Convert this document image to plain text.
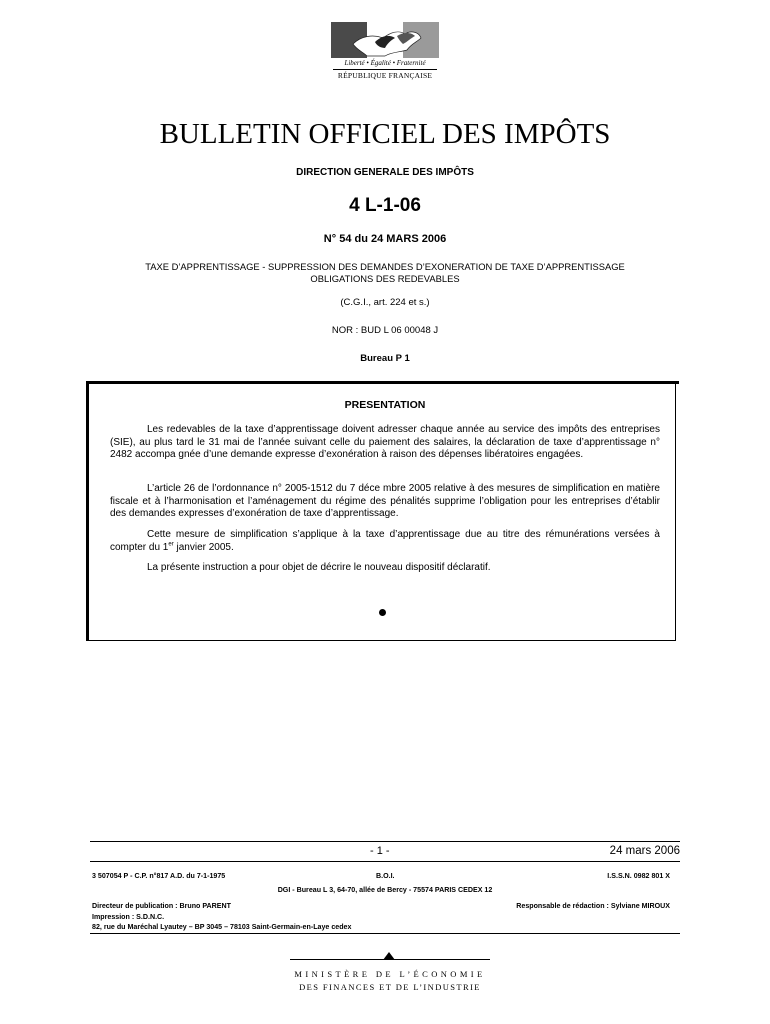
Liberté • Égalité • Fraternité
RÉPUBLIQUE FRANÇAISE
BULLETIN OFFICIEL DES IMPÔTS
DIRECTION GENERALE DES IMPÔTS
4 L-1-06
N° 54 du 24 MARS 2006
TAXE D’APPRENTISSAGE - SUPPRESSION DES DEMANDES D’EXONERATION DE TAXE D’APPRENTISSAGE
OBLIGATIONS DES REDEVABLES
(C.G.I., art. 224 et s.)
NOR : BUD L 06 00048 J
Bureau P 1
PRESENTATION
Les redevables de la taxe d’apprentissage doivent adresser chaque année au service des impôts des entreprises (SIE), au plus tard le 31 mai de l’année suivant celle du paiement des salaires, la déclaration de taxe d’apprentissage n° 2482 accompa gnée d’une demande expresse d’exonération à raison des dépenses libératoires engagées.
L’article 26 de l’ordonnance n° 2005-1512 du 7 déce mbre 2005 relative à des mesures de simplification en matière fiscale et à l’harmonisation et l’aménagement du régime des pénalités supprime l’obligation pour les entreprises d’établir des demandes expresses d’exonération de taxe d’apprentissage.
Cette mesure de simplification s’applique à la taxe d’apprentissage due au titre des rémunérations versées à compter du 1er janvier 2005.
La présente instruction a pour objet de décrire le nouveau dispositif déclaratif.
- 1 -	24 mars 2006
3 507054 P - C.P. n°817 A.D. du 7-1-1975	B.O.I.	I.S.S.N. 0982 801 X
DGI - Bureau L 3, 64-70, allée de Bercy - 75574 PARIS CEDEX 12
Directeur de publication : Bruno PARENT	Responsable de rédaction : Sylviane MIROUX
Impression : S.D.N.C.
82, rue du Maréchal Lyautey – BP 3045 – 78103 Saint-Germain-en-Laye cedex
MINISTÈRE DE L’ÉCONOMIE
DES FINANCES ET DE L’INDUSTRIE
